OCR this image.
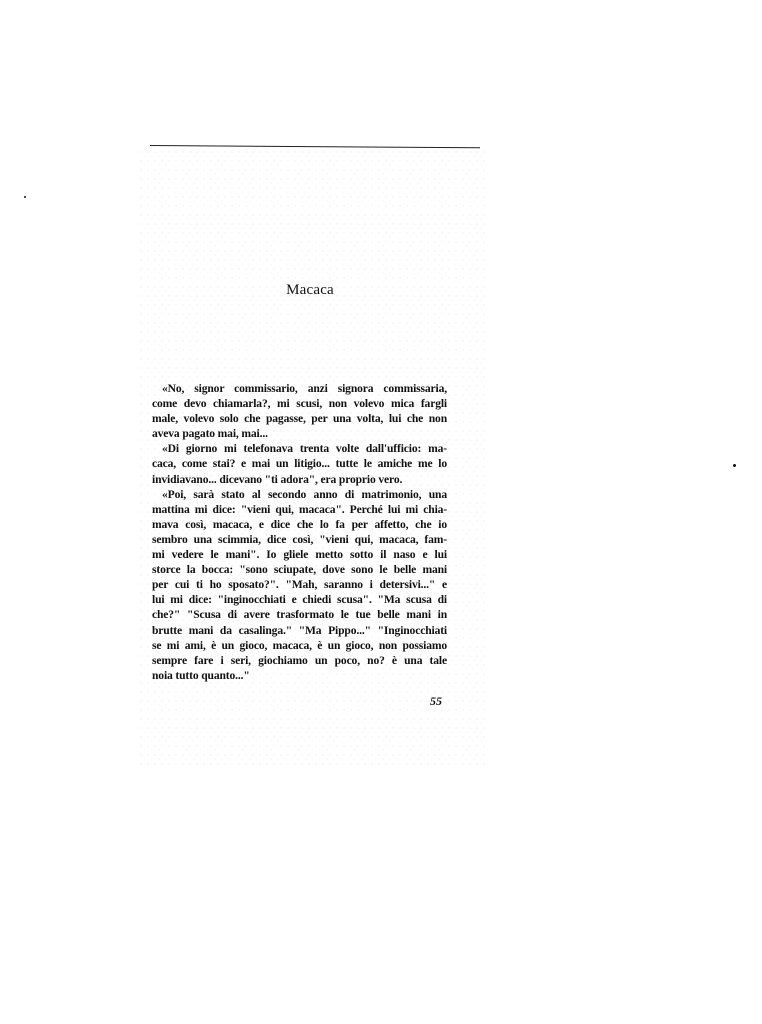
Macaca
«No, signor commissario, anzi signora commissaria,
come devo chiamarla?, mi scusi, non volevo mica fargli
male, volevo solo che pagasse, per una volta, lui che non
aveva pagato mai, mai...
«Di giorno mi telefonava trenta volte dall'ufficio: ma-
caca, come stai? e mai un litigio... tutte le amiche me lo
invidiavano... dicevano "ti adora", era proprio vero.
«Poi, sarà stato al secondo anno di matrimonio, una
mattina mi dice: "vieni qui, macaca". Perché lui mi chia-
mava così, macaca, e dice che lo fa per affetto, che io
sembro una scimmia, dice così, "vieni qui, macaca, fam-
mi vedere le mani". Io gliele metto sotto il naso e lui
storce la bocca: "sono sciupate, dove sono le belle mani
per cui ti ho sposato?". "Mah, saranno i detersivi..." e
lui mi dice: "inginocchiati e chiedi scusa". "Ma scusa di
che?" "Scusa di avere trasformato le tue belle mani in
brutte mani da casalinga." "Ma Pippo..." "Inginocchiati
se mi ami, è un gioco, macaca, è un gioco, non possiamo
sempre fare i seri, giochiamo un poco, no? è una tale
noia tutto quanto..."
55
